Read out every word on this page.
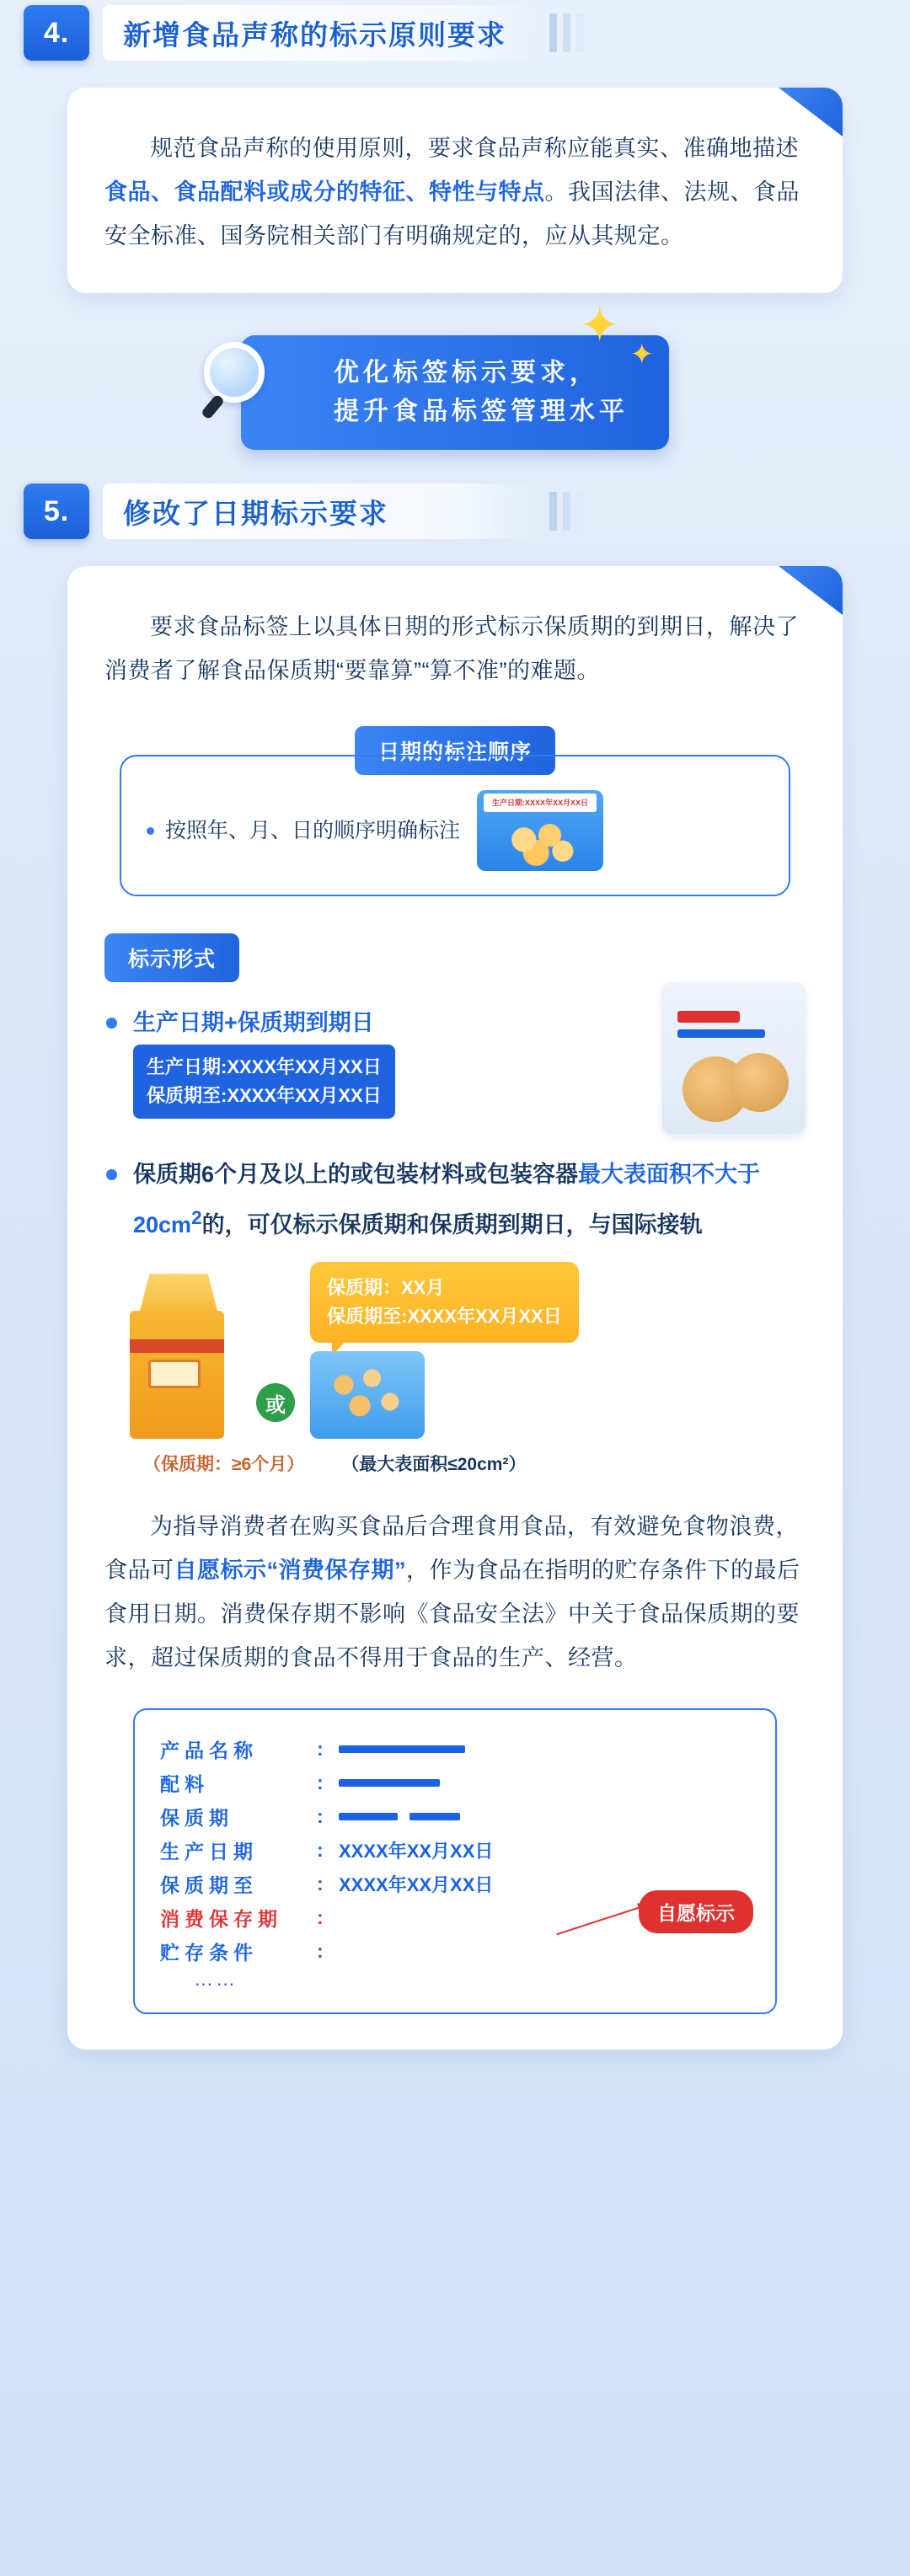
4.	新增食品声称的标示原则要求

规范食品声称的使用原则，要求食品声称应能真实、准确地描述食品、食品配料或成分的特征、特性与特点。我国法律、法规、食品安全标准、国务院相关部门有明确规定的，应从其规定。

优化标签标示要求，
提升食品标签管理水平
✦
✦
5.	修改了日期标示要求

要求食品标签上以具体日期的形式标示保质期的到期日，解决了消费者了解食品保质期“要靠算”“算不准”的难题。

日期的标注顺序
按照年、月、日的顺序明确标注
生产日期:XXXX年XX月XX日
标示形式
生产日期+保质期到期日
生产日期:XXXX年XX月XX日
保质期至:XXXX年XX月XX日
保质期6个月及以上的或包装材料或包装容器最大表面积不大于$20cm^2$的，可仅标示保质期和保质期到期日，与国际接轨
或
保质期：XX月
保质期至:XXXX年XX月XX日
（保质期：≥6个月） （最大表面积≤20cm²）

为指导消费者在购买食品后合理食用食品，有效避免食物浪费，食品可自愿标示“消费保存期”，作为食品在指明的贮存条件下的最后食用日期。消费保存期不影响《食品安全法》中关于食品保质期的要求，超过保质期的食品不得用于食品的生产、经营。

产品名称	:
配料	:
保质期	:
生产日期	: XXXX年XX月XX日
保质期至	: XXXX年XX月XX日
消费保存期	:
贮存条件	:
……
自愿标示
